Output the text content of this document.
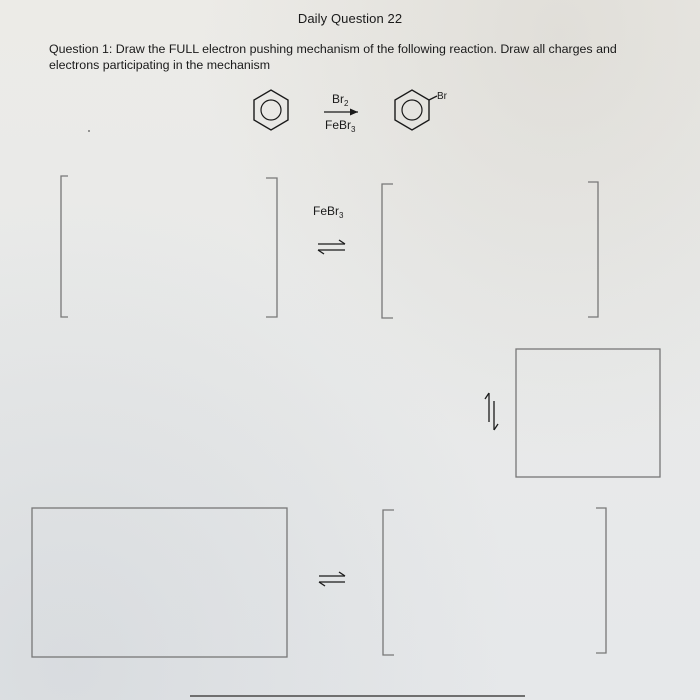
Daily Question 22
Question 1: Draw the FULL electron pushing mechanism of the following reaction. Draw all charges and electrons participating in the mechanism
$Br_2$
FeBr$_3$
Br
FeBr$_3$
